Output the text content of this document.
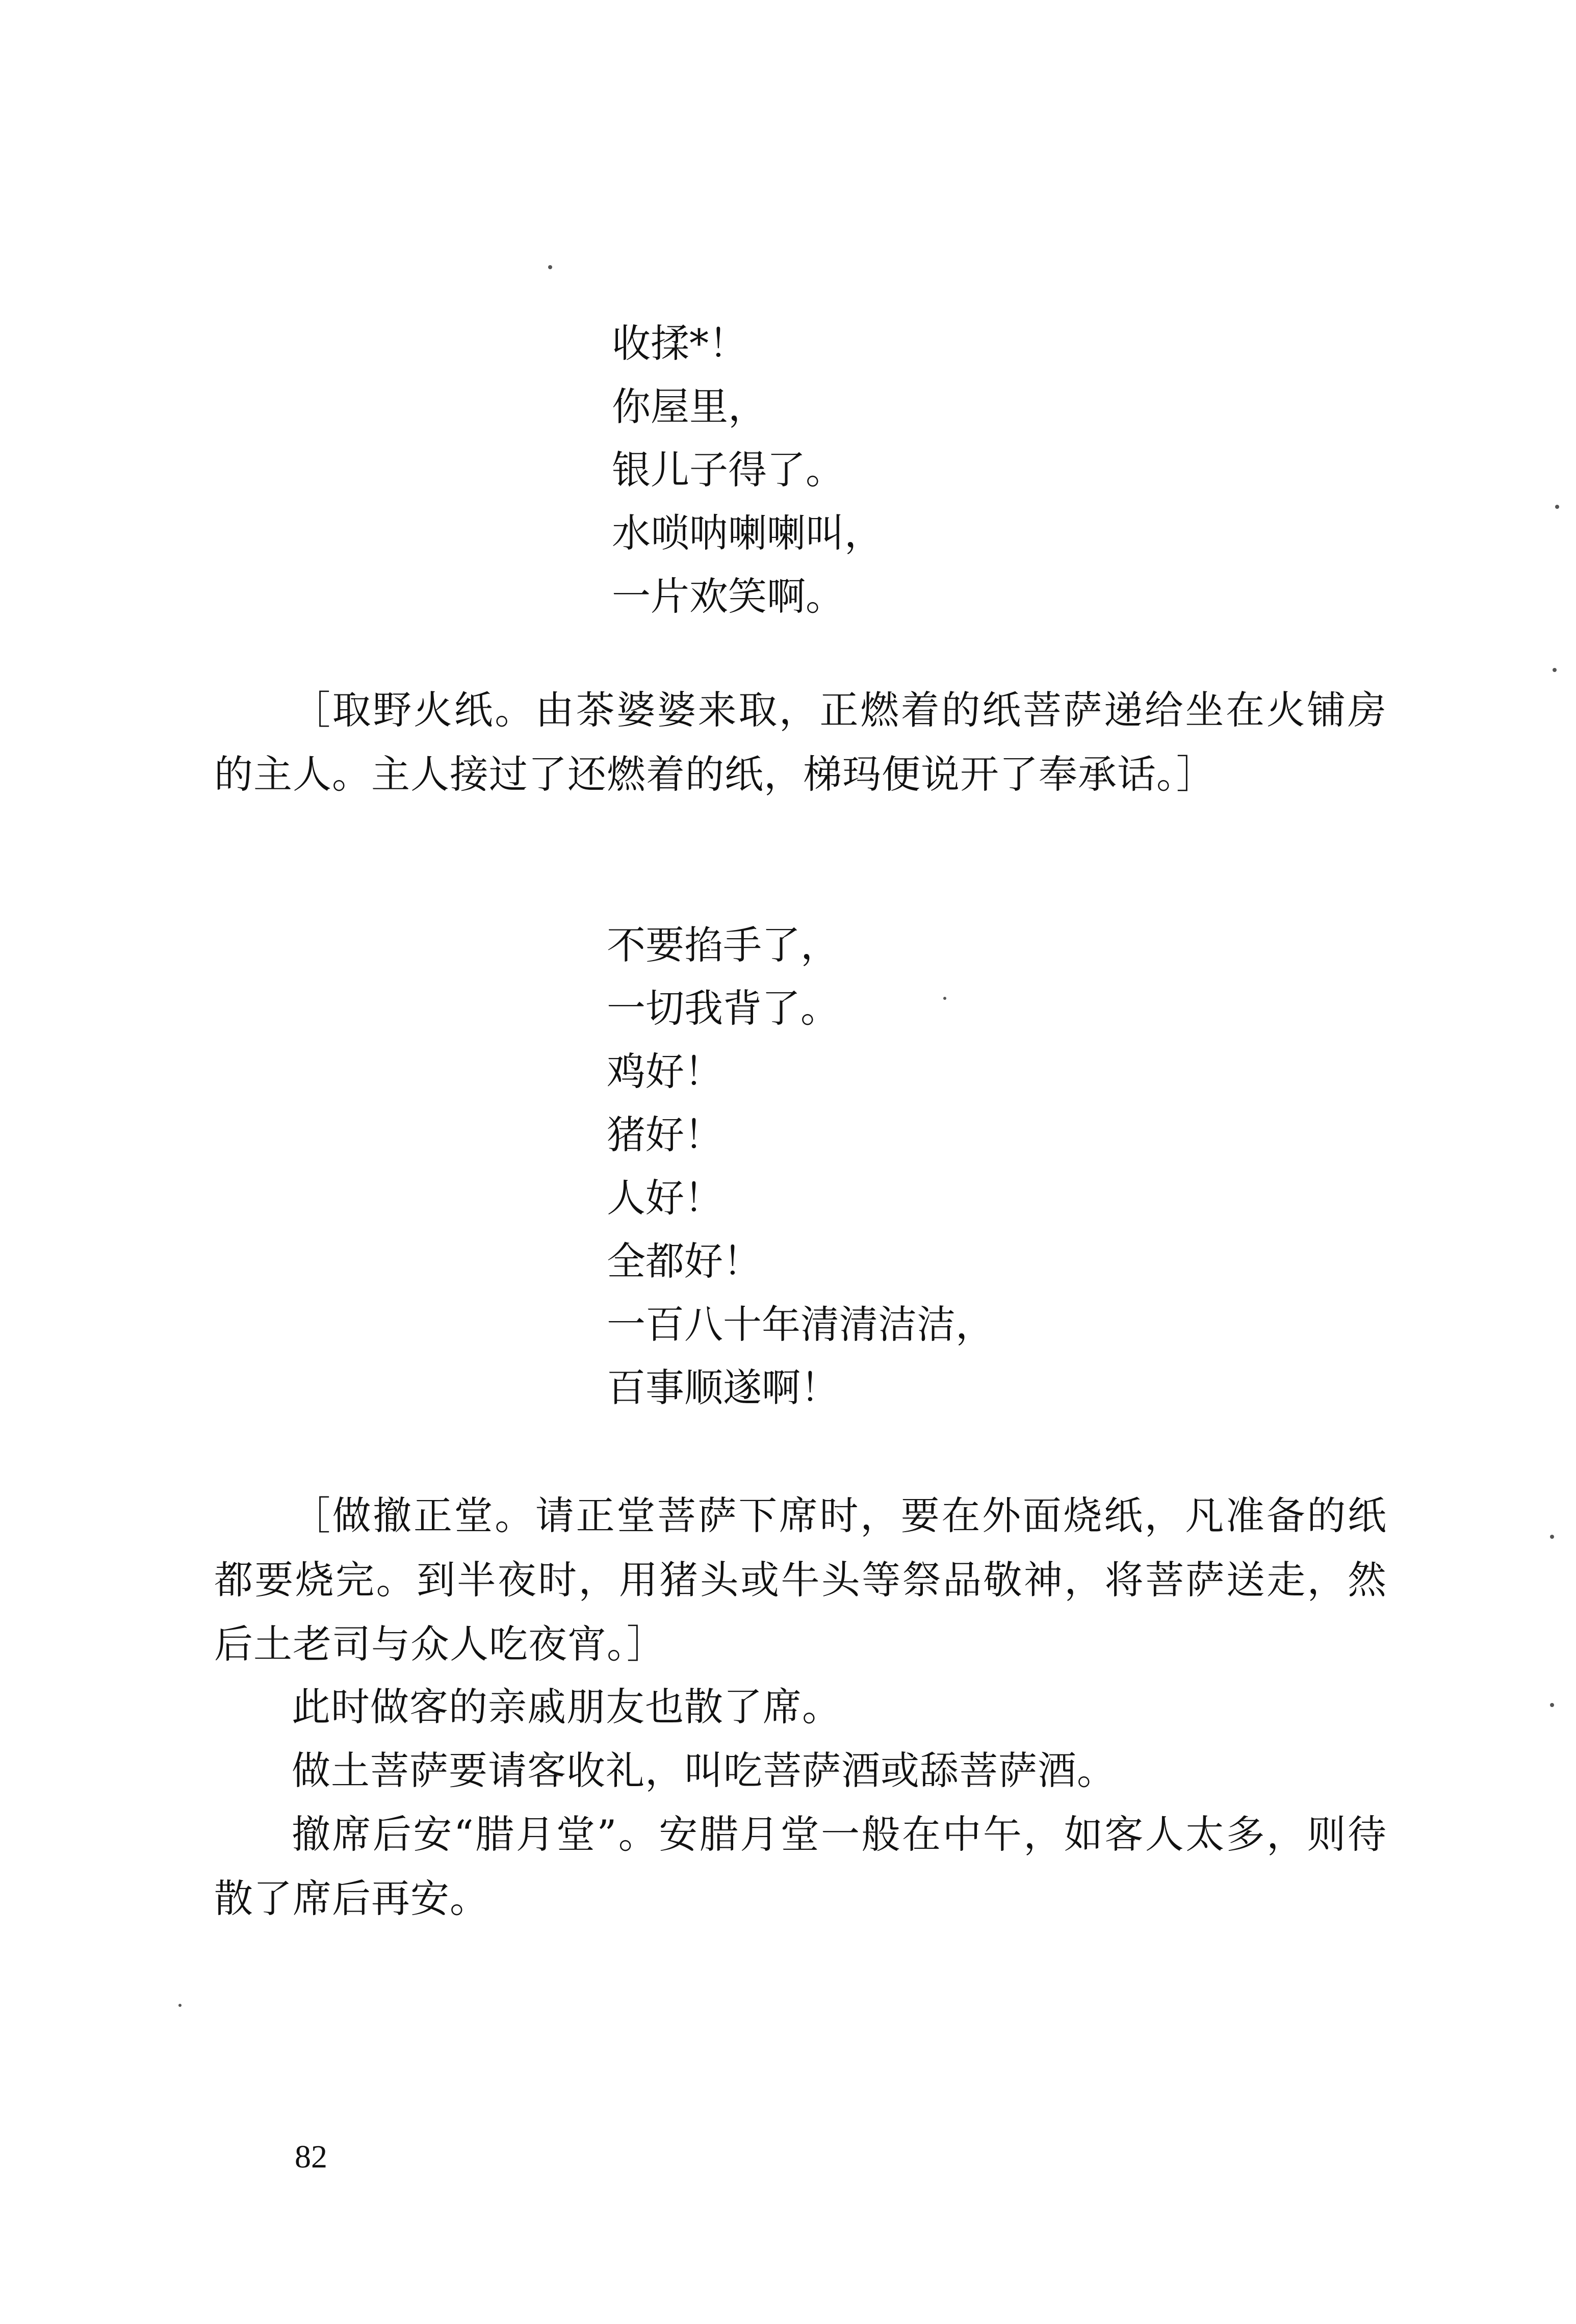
收揉*！
你屋里，
银儿子得了。
水唢呐喇喇叫，
一片欢笑啊。

［取野火纸。由茶婆婆来取，正燃着的纸菩萨递给坐在火铺房的主人。主人接过了还燃着的纸，梯玛便说开了奉承话。］

不要掐手了，
一切我背了。
鸡好！
猪好！
人好！
全都好！
一百八十年清清洁洁，
百事顺遂啊！

［做撤正堂。请正堂菩萨下席时，要在外面烧纸，凡准备的纸都要烧完。到半夜时，用猪头或牛头等祭品敬神，将菩萨送走，然后土老司与众人吃夜宵。］

此时做客的亲戚朋友也散了席。

做土菩萨要请客收礼，叫吃菩萨酒或舔菩萨酒。

撤席后安“腊月堂”。安腊月堂一般在中午，如客人太多，则待散了席后再安。

82
